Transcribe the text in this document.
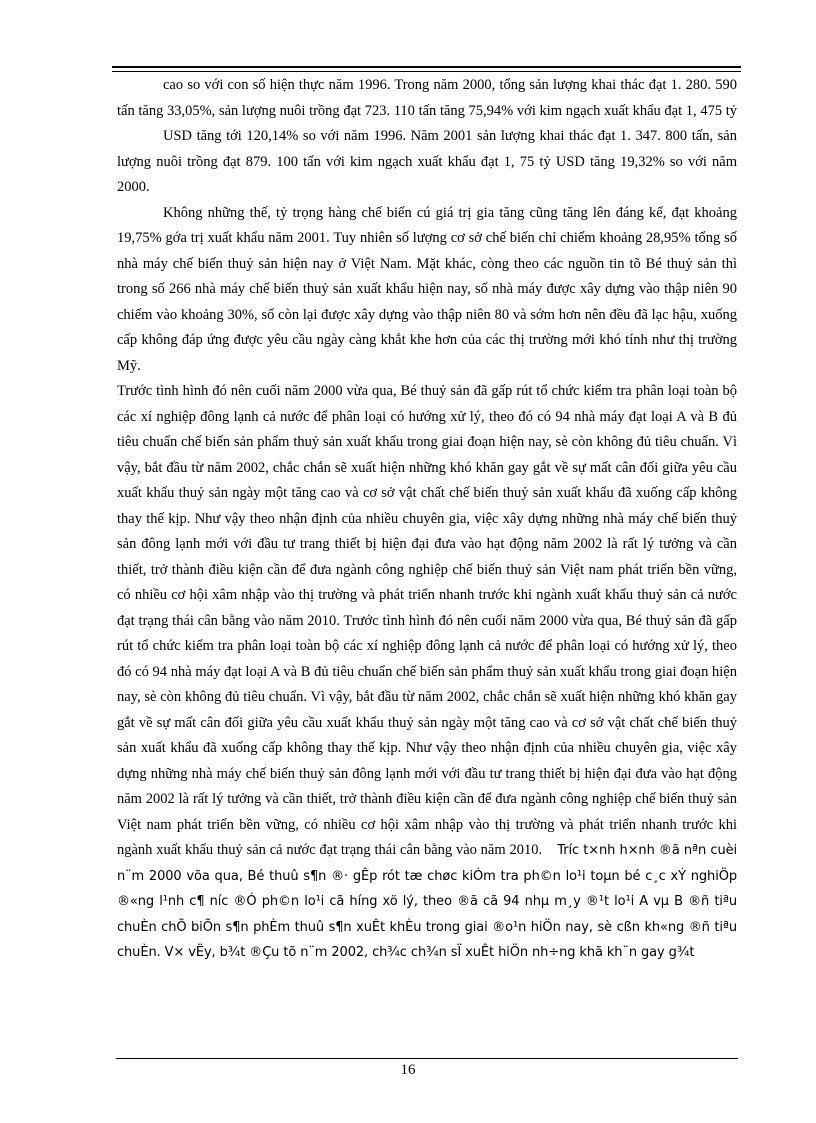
cao so với con số hiện thực năm 1996. Trong năm 2000, tổng sản lượng khai thác đạt 1. 280. 590 tấn tăng 33,05%, sản lượng nuôi trồng đạt 723. 110 tấn tăng 75,94% với kim ngạch xuất khẩu đạt 1, 475 tỷ

USD tăng tới 120,14% so với năm 1996. Năm 2001 sản lượng khai thác đạt 1. 347. 800 tấn, sản lượng nuôi trồng đạt 879. 100 tấn với kim ngạch xuất khẩu đạt 1, 75 tỷ USD tăng 19,32% so với năm 2000.

Không những thế, tỷ trọng hàng chế biến cú giá trị gia tăng cũng tăng lên đáng kể, đạt khoảng 19,75% gớa trị xuất khẩu năm 2001. Tuy nhiên số lượng cơ sở chế biến chỉ chiếm khoảng 28,95% tổng số nhà máy chế biến thuỷ sản hiện nay ở Việt Nam. Mặt khác, còng theo các nguồn tin tõ Bé thuỷ sản thì trong số 266 nhà máy chế biến thuỷ sản xuất khẩu hiện nay, số nhà máy được xây dựng vào thập niên 90 chiếm vào khoảng 30%, số còn lại được xây dựng vào thập niên 80 và sớm hơn nên đều đã lạc hậu, xuống cấp không đáp ứng được yêu cầu ngày càng khắt khe hơn của các thị trường mới khó tính như thị trường Mỹ.

Trước tình hình đó nên cuối năm 2000 vừa qua, Bé thuỷ sản đã gấp rút tổ chức kiểm tra phân loại toàn bộ các xí nghiệp đông lạnh cả nước để phân loại có hướng xử lý, theo đó có 94 nhà máy đạt loại A và B đủ tiêu chuẩn chế biến sản phẩm thuỷ sản xuất khẩu trong giai đoạn hiện nay, sè còn không đủ tiêu chuẩn. Vì vậy, bắt đầu từ năm 2002, chắc chắn sẽ xuất hiện những khó khăn gay gắt về sự mất cân đối giữa yêu cầu xuất khẩu thuỷ sản ngày một tăng cao và cơ sở vật chất chế biến thuỷ sản xuất khẩu đã xuống cấp không thay thế kịp. Như vậy theo nhận định của nhiều chuyên gia, việc xây dựng những nhà máy chế biến thuỷ sản đông lạnh mới với đầu tư trang thiết bị hiện đại đưa vào hạt động năm 2002 là rất lý tưởng và cần thiết, trở thành điều kiện cần để đưa ngành công nghiệp chế biến thuỷ sản Việt nam phát triển bền vững, có nhiều cơ hội xâm nhập vào thị trường và phát triển nhanh trước khi ngành xuất khẩu thuỷ sản cả nước đạt trạng thái cân bằng vào năm 2010. Trước tình hình đó nên cuối năm 2000 vừa qua, Bé thuỷ sản đã gấp rút tổ chức kiểm tra phân loại toàn bộ các xí nghiệp đông lạnh cả nước để phân loại có hướng xử lý, theo đó có 94 nhà máy đạt loại A và B đủ tiêu chuẩn chế biến sản phẩm thuỷ sản xuất khẩu trong giai đoạn hiện nay, sè còn không đủ tiêu chuẩn. Vì vậy, bắt đầu từ năm 2002, chắc chắn sẽ xuất hiện những khó khăn gay gắt về sự mất cân đối giữa yêu cầu xuất khẩu thuỷ sản ngày một tăng cao và cơ sở vật chất chế biến thuỷ sản xuất khẩu đã xuống cấp không thay thế kịp. Như vậy theo nhận định của nhiều chuyên gia, việc xây dựng những nhà máy chế biến thuỷ sản đông lạnh mới với đầu tư trang thiết bị hiện đại đưa vào hạt động năm 2002 là rất lý tưởng và cần thiết, trở thành điều kiện cần để đưa ngành công nghiệp chế biến thuỷ sản Việt nam phát triển bền vững, có nhiều cơ hội xâm nhập vào thị trường và phát triển nhanh trước khi ngành xuất khẩu thuỷ sản cả nước đạt trạng thái cân bằng vào năm 2010. Tríc t×nh h×nh ®ã nªn cuèi n¨m 2000 võa qua, Bé thuû s¶n ®· gÊp rót tæ chøc kiÓm tra ph©n lo¹i toµn bé c¸c xÝ nghiÖp ®«ng l¹nh c¶ níc ®Ó ph©n lo¹i cã híng xö lý, theo ®ã cã 94 nhµ m¸y ®¹t lo¹i A vµ B ®ñ tiªu chuÈn chÕ biÕn s¶n phÈm thuû s¶n xuÊt khÈu trong giai ®o¹n hiÖn nay, sè cßn kh«ng ®ñ tiªu chuÈn. V× vËy, b¾t ®Çu tõ n¨m 2002, ch¾c ch¾n sÏ xuÊt hiÖn nh÷ng khã kh¨n gay g¾t

16
